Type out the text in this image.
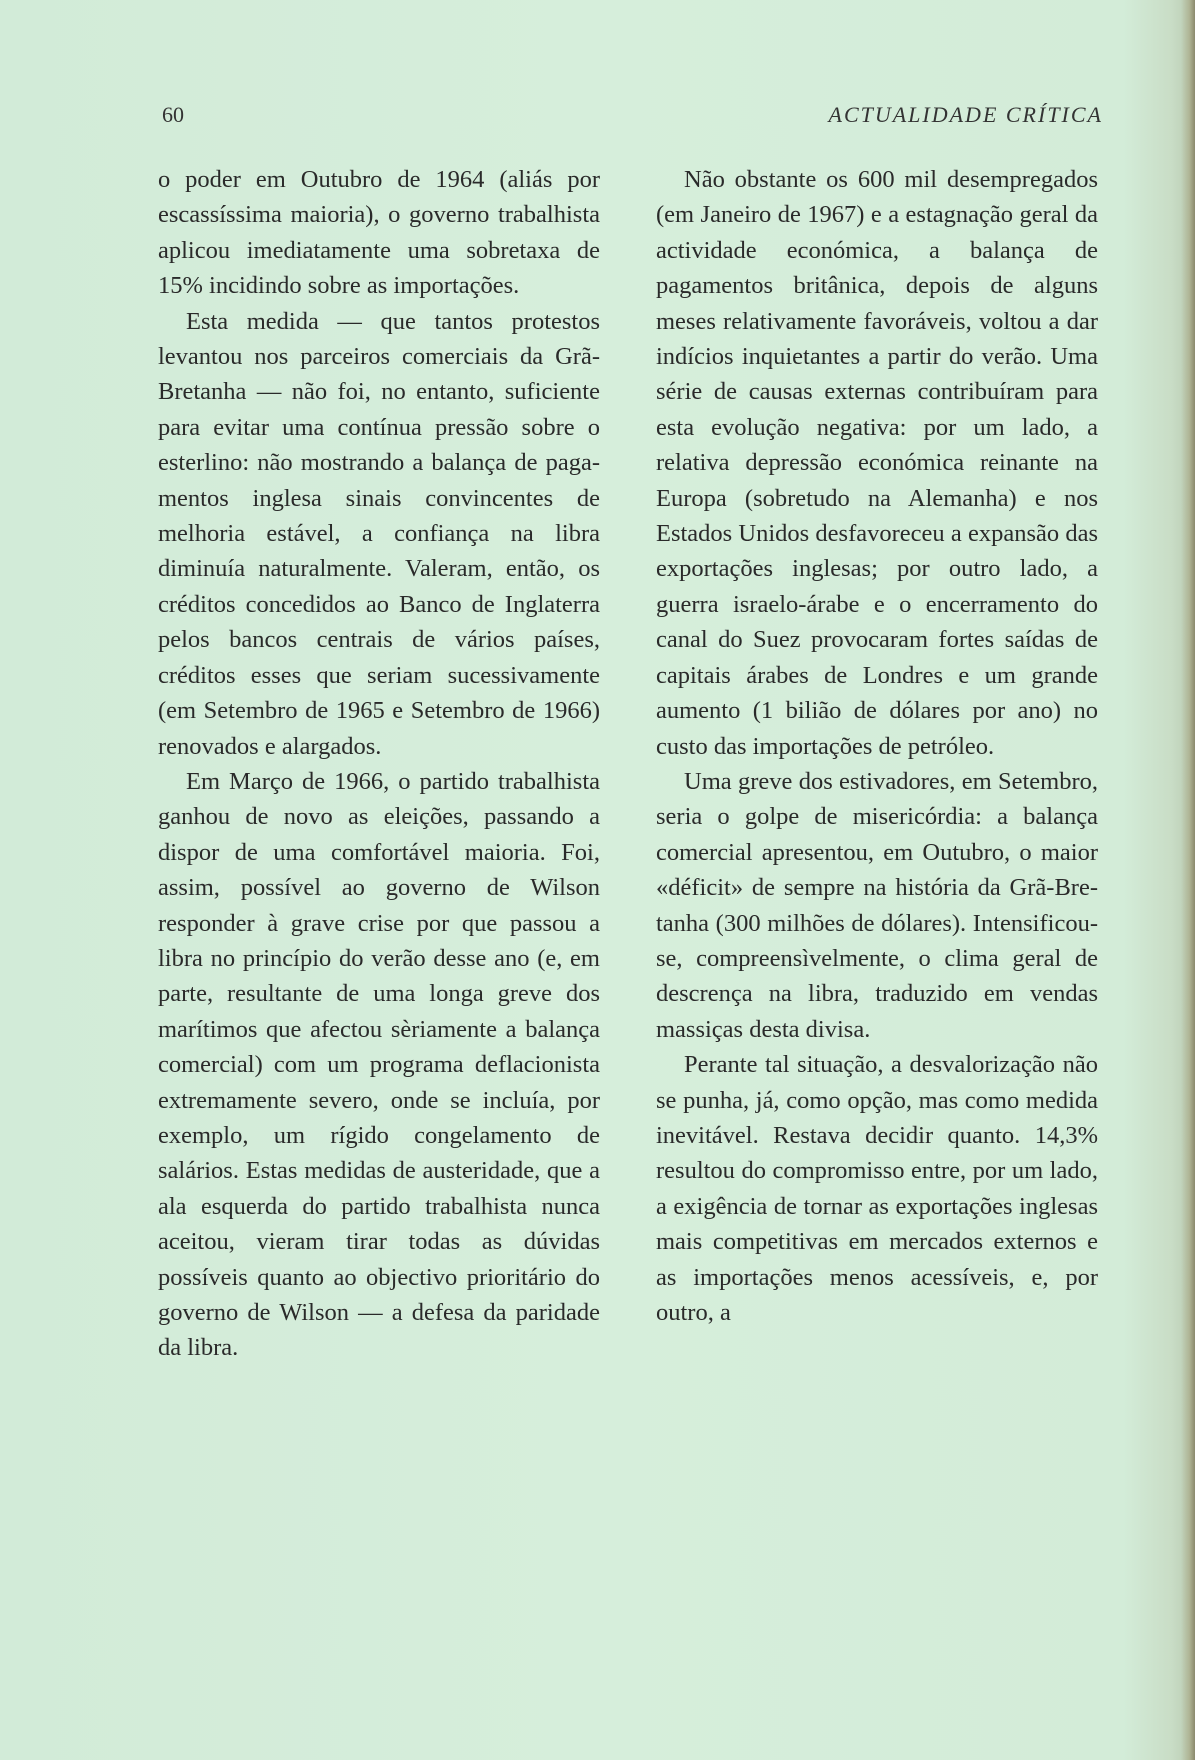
60	ACTUALIDADE CRÍTICA

o poder em Outubro de 1964 (aliás por escassíssima maioria), o governo trabalhista aplicou imediatamente uma sobretaxa de 15% incidindo sobre as importações.

Esta medida — que tantos protestos levantou nos parceiros comerciais da Grã-Bretanha — não foi, no entanto, suficiente para evitar uma contínua pressão sobre o esterlino: não mostrando a balança de pagamentos inglesa sinais convincentes de melhoria estável, a confiança na libra diminuía naturalmente. Valeram, então, os créditos concedidos ao Banco de Inglaterra pelos bancos centrais de vários países, créditos esses que seriam sucessivamente (em Setembro de 1965 e Setembro de 1966) renovados e alargados.

Em Março de 1966, o partido trabalhista ganhou de novo as eleições, passando a dispor de uma comfortável maioria. Foi, assim, possível ao governo de Wilson responder à grave crise por que passou a libra no princípio do verão desse ano (e, em parte, resultante de uma longa greve dos marítimos que afectou sèriamente a balança comercial) com um programa deflacionista extremamente severo, onde se incluía, por exemplo, um rígido congelamento de salários. Estas medidas de austeridade, que a ala esquerda do partido trabalhista nunca aceitou, vieram tirar todas as dúvidas possíveis quanto ao objectivo prioritário do governo de Wilson — a defesa da paridade da libra.

Não obstante os 600 mil desempregados (em Janeiro de 1967) e a estagnação geral da actividade económica, a balança de pagamentos britânica, depois de alguns meses relativamente favoráveis, voltou a dar indícios inquietantes a partir do verão. Uma série de causas externas contribuíram para esta evolução negativa: por um lado, a relativa depressão económica reinante na Europa (sobretudo na Alemanha) e nos Estados Unidos desfavoreceu a expansão das exportações inglesas; por outro lado, a guerra israelo-árabe e o encerramento do canal do Suez provocaram fortes saídas de capitais árabes de Londres e um grande aumento (1 bilião de dólares por ano) no custo das importações de petróleo.

Uma greve dos estivadores, em Setembro, seria o golpe de misericórdia: a balança comercial apresentou, em Outubro, o maior «déficit» de sempre na história da Grã-Bretanha (300 milhões de dólares). Intensificou-se, compreensìvelmente, o clima geral de descrença na libra, traduzido em vendas massiças desta divisa.

Perante tal situação, a desvalorização não se punha, já, como opção, mas como medida inevitável. Restava decidir quanto. 14,3% resultou do compromisso entre, por um lado, a exigência de tornar as exportações inglesas mais competitivas em mercados externos e as importações menos acessíveis, e, por outro, a
